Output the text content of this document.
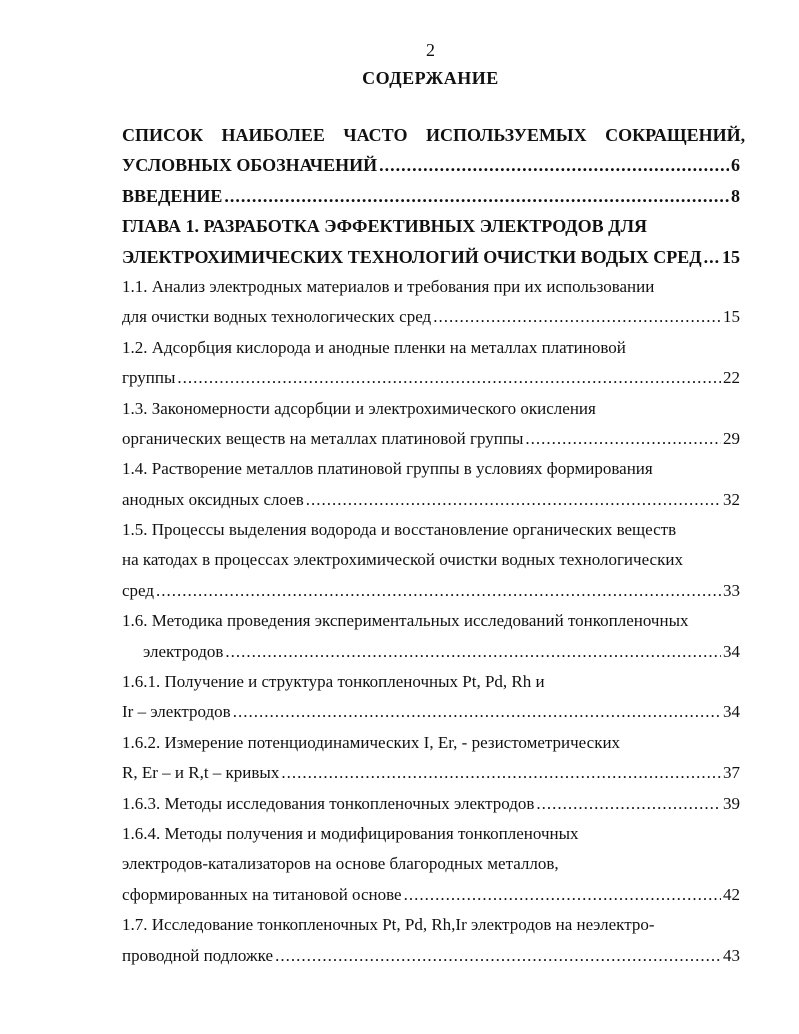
2
СОДЕРЖАНИЕ
СПИСОК НАИБОЛЕЕ ЧАСТО ИСПОЛЬЗУЕМЫХ СОКРАЩЕНИЙ,
УСЛОВНЫХ ОБОЗНАЧЕНИЙ .....	6
ВВЕДЕНИЕ .....	8
ГЛАВА 1. РАЗРАБОТКА ЭФФЕКТИВНЫХ ЭЛЕКТРОДОВ ДЛЯ
ЭЛЕКТРОХИМИЧЕСКИХ ТЕХНОЛОГИЙ ОЧИСТКИ ВОДЫХ СРЕД ..... 15
1.1. Анализ электродных материалов и требования при их использовании
для очистки водных технологических сред .....	15
1.2. Адсорбция кислорода и анодные пленки на металлах платиновой
группы .....	22
1.3. Закономерности адсорбции и электрохимического окисления
органических веществ на металлах платиновой группы .....	29
1.4. Растворение металлов платиновой группы в условиях формирования
анодных оксидных слоев .....	32
1.5. Процессы выделения водорода и восстановление органических веществ
на катодах в процессах электрохимической очистки водных технологических
сред .....	33
1.6. Методика проведения экспериментальных исследований тонкопленочных
электродов .....	34
1.6.1. Получение и структура тонкопленочных Pt, Pd, Rh и
Ir – электродов .....	34
1.6.2. Измерение потенциодинамических I, Er, - резистометрических
R, Er – и R,t – кривых .....	37
1.6.3. Методы исследования тонкопленочных электродов .....	39
1.6.4. Методы получения и модифицирования тонкопленочных
электродов-катализаторов на основе благородных металлов,
сформированных на титановой основе .....	42
1.7. Исследование тонкопленочных Pt, Pd, Rh,Ir электродов на неэлектро-
проводной подложке .....	43
